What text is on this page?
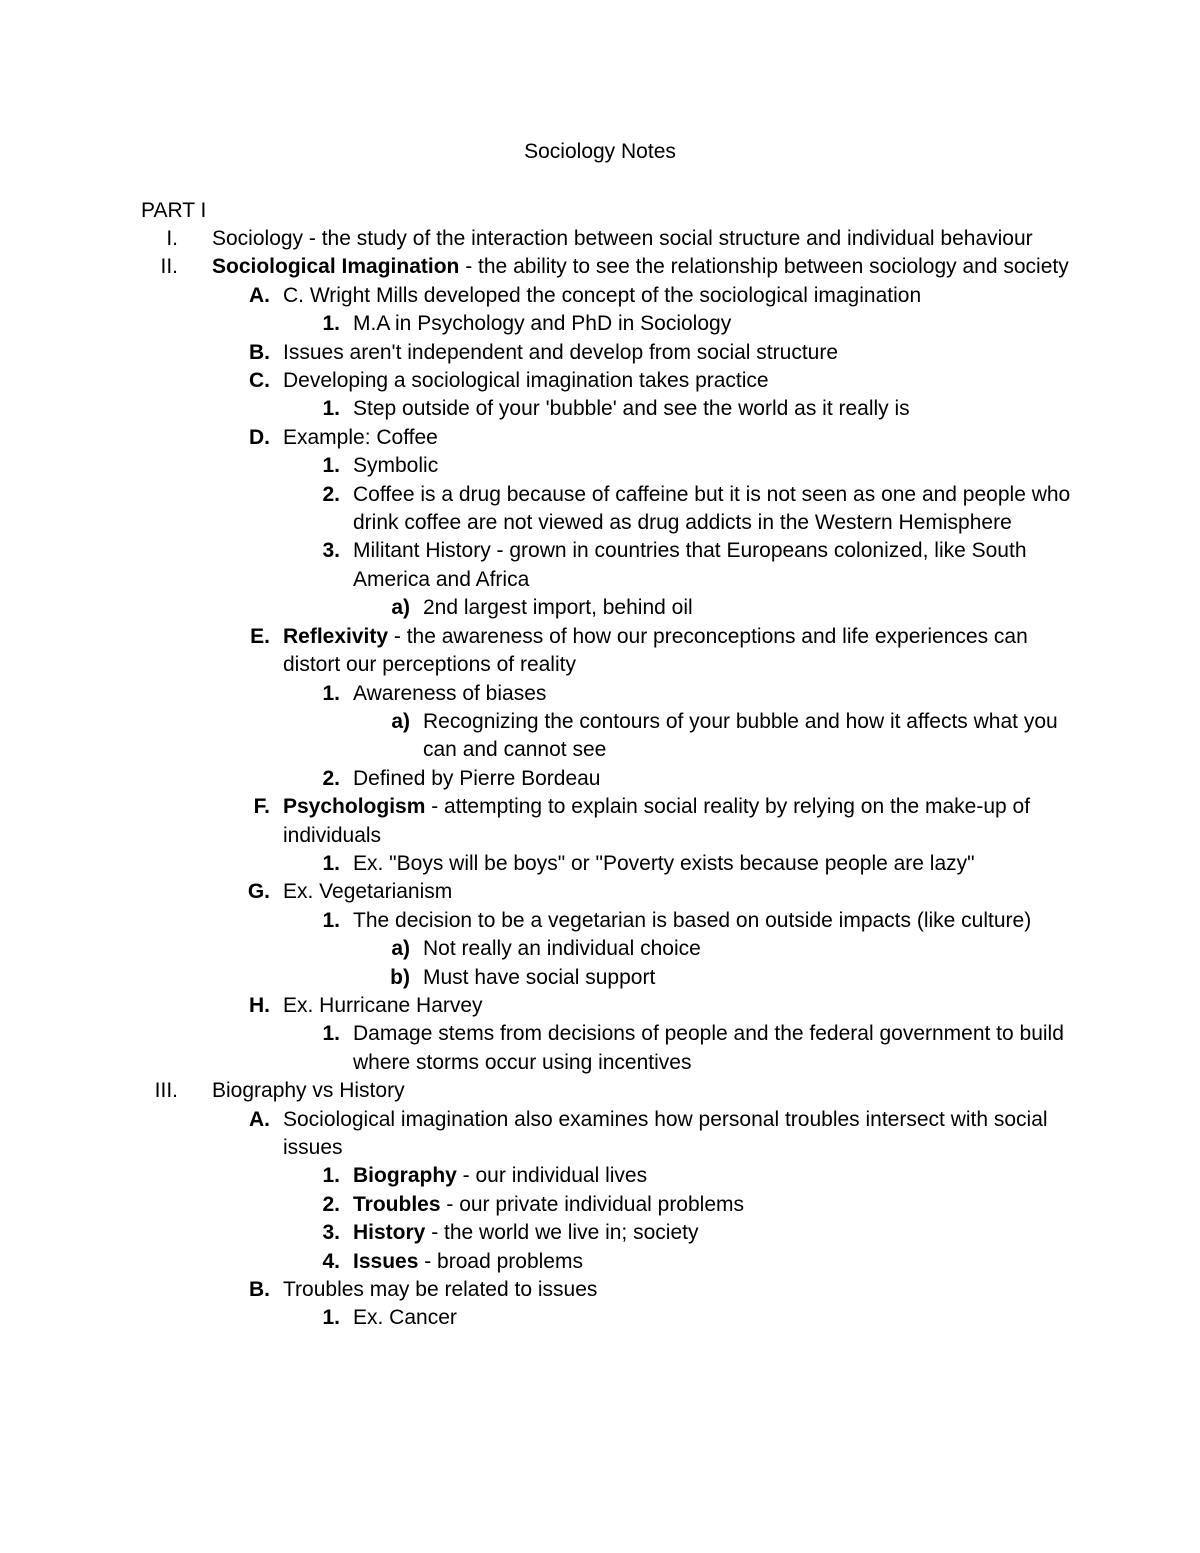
Sociology Notes
PART I
I. Sociology - the study of the interaction between social structure and individual behaviour
II. Sociological Imagination - the ability to see the relationship between sociology and society
A. C. Wright Mills developed the concept of the sociological imagination
1. M.A in Psychology and PhD in Sociology
B. Issues aren't independent and develop from social structure
C. Developing a sociological imagination takes practice
1. Step outside of your 'bubble' and see the world as it really is
D. Example: Coffee
1. Symbolic
2. Coffee is a drug because of caffeine but it is not seen as one and people who drink coffee are not viewed as drug addicts in the Western Hemisphere
3. Militant History - grown in countries that Europeans colonized, like South America and Africa
a) 2nd largest import, behind oil
E. Reflexivity - the awareness of how our preconceptions and life experiences can distort our perceptions of reality
1. Awareness of biases
a) Recognizing the contours of your bubble and how it affects what you can and cannot see
2. Defined by Pierre Bordeau
F. Psychologism - attempting to explain social reality by relying on the make-up of individuals
1. Ex. "Boys will be boys" or "Poverty exists because people are lazy"
G. Ex. Vegetarianism
1. The decision to be a vegetarian is based on outside impacts (like culture)
a) Not really an individual choice
b) Must have social support
H. Ex. Hurricane Harvey
1. Damage stems from decisions of people and the federal government to build where storms occur using incentives
III. Biography vs History
A. Sociological imagination also examines how personal troubles intersect with social issues
1. Biography - our individual lives
2. Troubles - our private individual problems
3. History - the world we live in; society
4. Issues - broad problems
B. Troubles may be related to issues
1. Ex. Cancer
